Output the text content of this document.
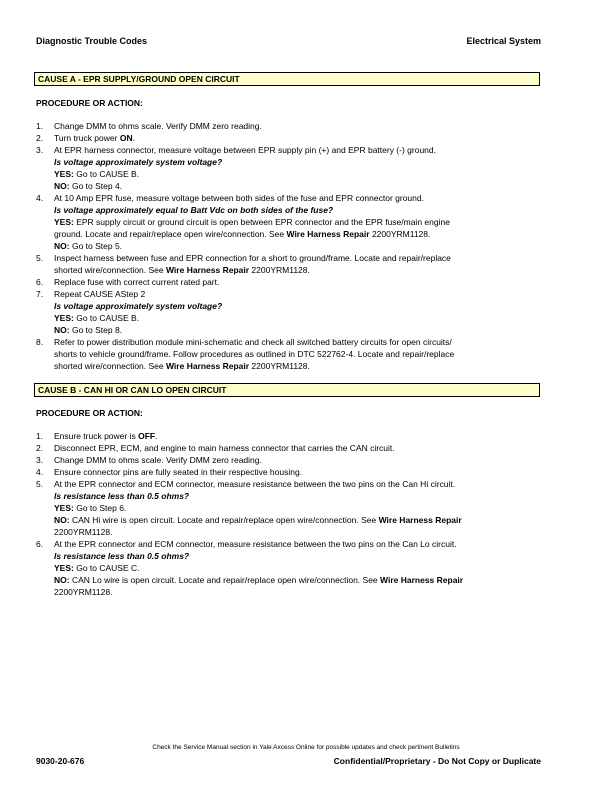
Diagnostic Trouble Codes	Electrical System
CAUSE A - EPR SUPPLY/GROUND OPEN CIRCUIT
PROCEDURE OR ACTION:
1. Change DMM to ohms scale. Verify DMM zero reading.
2. Turn truck power ON.
3. At EPR harness connector, measure voltage between EPR supply pin (+) and EPR battery (-) ground.
Is voltage approximately system voltage?
YES: Go to CAUSE B.
NO: Go to Step 4.
4. At 10 Amp EPR fuse, measure voltage between both sides of the fuse and EPR connector ground.
Is voltage approximately equal to Batt Vdc on both sides of the fuse?
YES: EPR supply circuit or ground circuit is open between EPR connector and the EPR fuse/main engine
ground. Locate and repair/replace open wire/connection. See Wire Harness Repair 2200YRM1128.
NO: Go to Step 5.
5. Inspect harness between fuse and EPR connection for a short to ground/frame. Locate and repair/replace
shorted wire/connection. See Wire Harness Repair 2200YRM1128.
6. Replace fuse with correct current rated part.
7. Repeat CAUSE AStep 2
Is voltage approximately system voltage?
YES: Go to CAUSE B.
NO: Go to Step 8.
8. Refer to power distribution module mini-schematic and check all switched battery circuits for open circuits/
shorts to vehicle ground/frame. Follow procedures as outlined in DTC 522762-4. Locate and repair/replace
shorted wire/connection. See Wire Harness Repair 2200YRM1128.
CAUSE B - CAN HI OR CAN LO OPEN CIRCUIT
PROCEDURE OR ACTION:
1. Ensure truck power is OFF.
2. Disconnect EPR, ECM, and engine to main harness connector that carries the CAN circuit.
3. Change DMM to ohms scale. Verify DMM zero reading.
4. Ensure connector pins are fully seated in their respective housing.
5. At the EPR connector and ECM connector, measure resistance between the two pins on the Can Hi circuit.
Is resistance less than 0.5 ohms?
YES: Go to Step 6.
NO: CAN Hi wire is open circuit. Locate and repair/replace open wire/connection. See Wire Harness Repair
2200YRM1128.
6. At the EPR connector and ECM connector, measure resistance between the two pins on the Can Lo circuit.
Is resistance less than 0.5 ohms?
YES: Go to CAUSE C.
NO: CAN Lo wire is open circuit. Locate and repair/replace open wire/connection. See Wire Harness Repair
2200YRM1128.
Check the Service Manual section in Yale Axcess Online for possible updates and check pertinent Bulletins
9030-20-676	Confidential/Proprietary - Do Not Copy or Duplicate
